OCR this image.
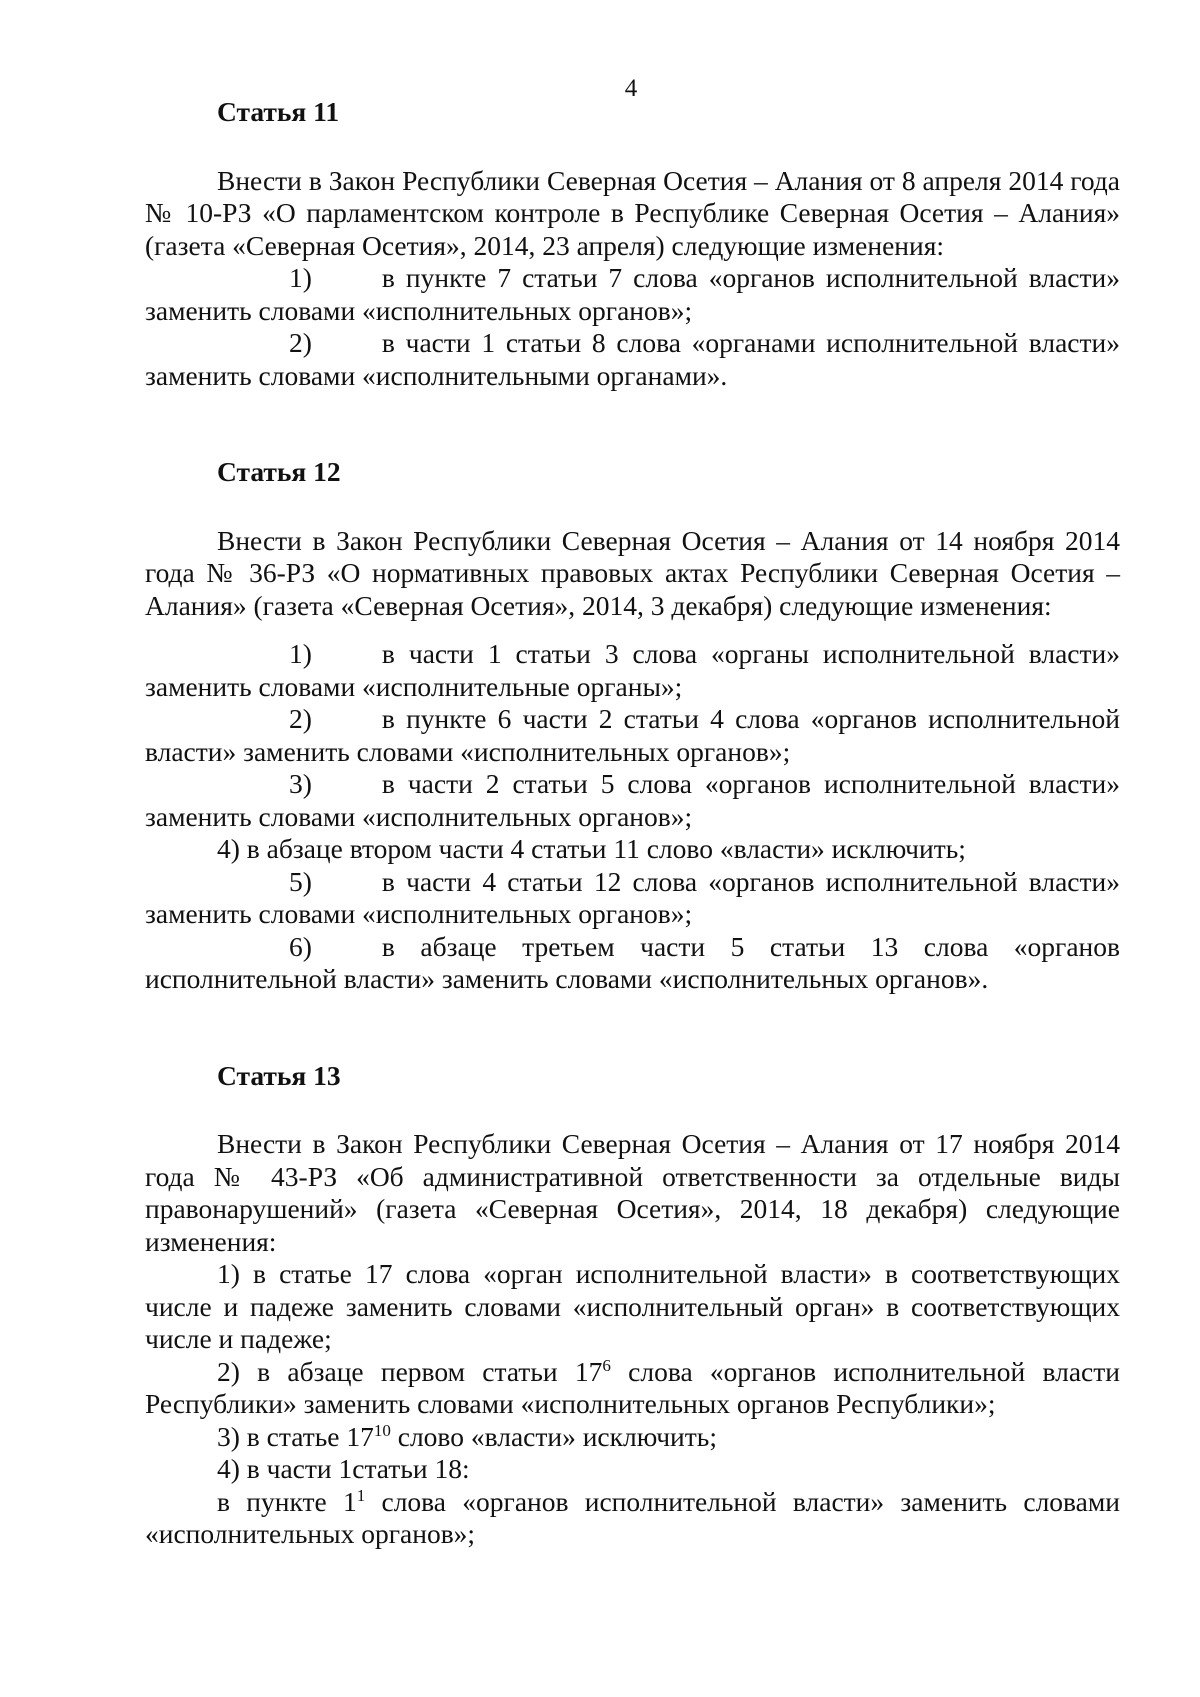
4

Статья 11

Внести в Закон Республики Северная Осетия – Алания от 8 апреля 2014 года № 10-РЗ «О парламентском контроле в Республике Северная Осетия – Алания» (газета «Северная Осетия», 2014, 23 апреля) следующие изменения:

1)	в пункте 7 статьи 7 слова «органов исполнительной власти» заменить словами «исполнительных органов»;

2)	в части 1 статьи 8 слова «органами исполнительной власти» заменить словами «исполнительными органами».

Статья 12

Внести в Закон Республики Северная Осетия – Алания от 14 ноября 2014 года № 36-РЗ «О нормативных правовых актах Республики Северная Осетия – Алания» (газета «Северная Осетия», 2014, 3 декабря) следующие изменения:

1)	в части 1 статьи 3 слова «органы исполнительной власти» заменить словами «исполнительные органы»;

2)	в пункте 6 части 2 статьи 4 слова «органов исполнительной власти» заменить словами «исполнительных органов»;

3)	в части 2 статьи 5 слова «органов исполнительной власти» заменить словами «исполнительных органов»;

4) в абзаце втором части 4 статьи 11 слово «власти» исключить;

5)	в части 4 статьи 12 слова «органов исполнительной власти» заменить словами «исполнительных органов»;

6)	в абзаце третьем части 5 статьи 13 слова «органов исполнительной власти» заменить словами «исполнительных органов».

Статья 13

Внести в Закон Республики Северная Осетия – Алания от 17 ноября 2014 года № 43-РЗ «Об административной ответственности за отдельные виды правонарушений» (газета «Северная Осетия», 2014, 18 декабря) следующие изменения:

1) в статье 17 слова «орган исполнительной власти» в соответствующих числе и падеже заменить словами «исполнительный орган» в соответствующих числе и падеже;

2) в абзаце первом статьи $17^6$ слова «органов исполнительной власти Республики» заменить словами «исполнительных органов Республики»;

3) в статье $17^{10}$ слово «власти» исключить;

4) в части 1статьи 18:

в пункте $1^1$ слова «органов исполнительной власти» заменить словами «исполнительных органов»;
